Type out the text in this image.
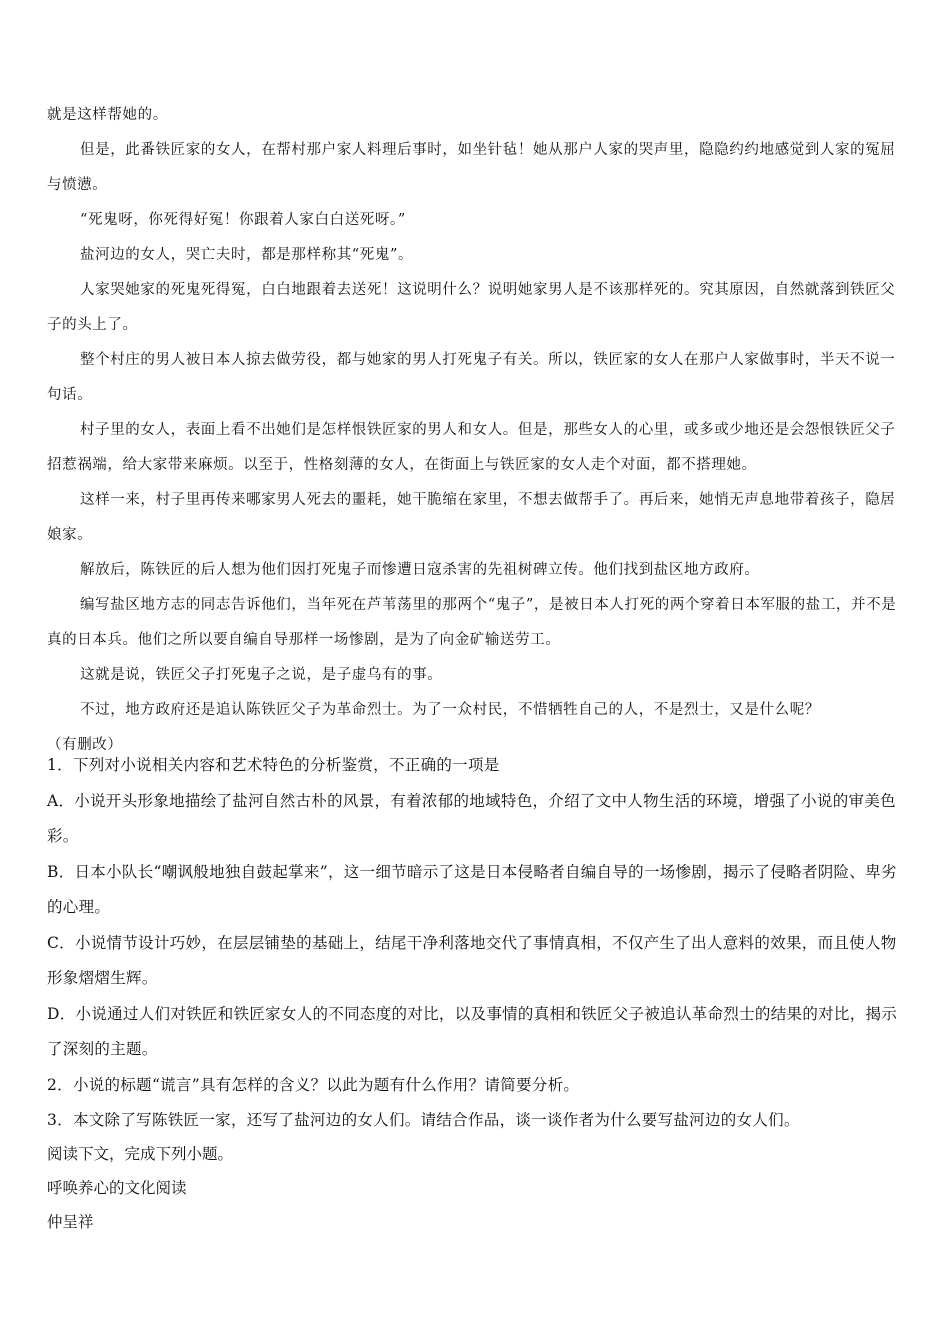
就是这样帮她的。

但是，此番铁匠家的女人，在帮村那户家人料理后事时，如坐针毡！她从那户人家的哭声里，隐隐约约地感觉到人家的冤屈与愤懑。

“死鬼呀，你死得好冤！你跟着人家白白送死呀。”

盐河边的女人，哭亡夫时，都是那样称其“死鬼”。

人家哭她家的死鬼死得冤，白白地跟着去送死！这说明什么？说明她家男人是不该那样死的。究其原因，自然就落到铁匠父子的头上了。

整个村庄的男人被日本人掠去做劳役，都与她家的男人打死鬼子有关。所以，铁匠家的女人在那户人家做事时，半天不说一句话。

村子里的女人，表面上看不出她们是怎样恨铁匠家的男人和女人。但是，那些女人的心里，或多或少地还是会怨恨铁匠父子招惹祸端，给大家带来麻烦。以至于，性格刻薄的女人，在街面上与铁匠家的女人走个对面，都不搭理她。

这样一来，村子里再传来哪家男人死去的噩耗，她干脆缩在家里，不想去做帮手了。再后来，她悄无声息地带着孩子，隐居娘家。

解放后，陈铁匠的后人想为他们因打死鬼子而惨遭日寇杀害的先祖树碑立传。他们找到盐区地方政府。

编写盐区地方志的同志告诉他们，当年死在芦苇荡里的那两个“鬼子”，是被日本人打死的两个穿着日本军服的盐工，并不是真的日本兵。他们之所以要自编自导那样一场惨剧，是为了向金矿输送劳工。

这就是说，铁匠父子打死鬼子之说，是子虚乌有的事。

不过，地方政府还是追认陈铁匠父子为革命烈士。为了一众村民，不惜牺牲自己的人，不是烈士，又是什么呢？

（有删改）

1．下列对小说相关内容和艺术特色的分析鉴赏，不正确的一项是

A．小说开头形象地描绘了盐河自然古朴的风景，有着浓郁的地域特色，介绍了文中人物生活的环境，增强了小说的审美色彩。

B．日本小队长“嘲讽般地独自鼓起掌来”，这一细节暗示了这是日本侵略者自编自导的一场惨剧，揭示了侵略者阴险、卑劣的心理。

C．小说情节设计巧妙，在层层铺垫的基础上，结尾干净利落地交代了事情真相，不仅产生了出人意料的效果，而且使人物形象熠熠生辉。

D．小说通过人们对铁匠和铁匠家女人的不同态度的对比，以及事情的真相和铁匠父子被追认革命烈士的结果的对比，揭示了深刻的主题。

2．小说的标题“谎言”具有怎样的含义？以此为题有什么作用？请简要分析。

3．本文除了写陈铁匠一家，还写了盐河边的女人们。请结合作品，谈一谈作者为什么要写盐河边的女人们。

阅读下文，完成下列小题。

呼唤养心的文化阅读

仲呈祥
